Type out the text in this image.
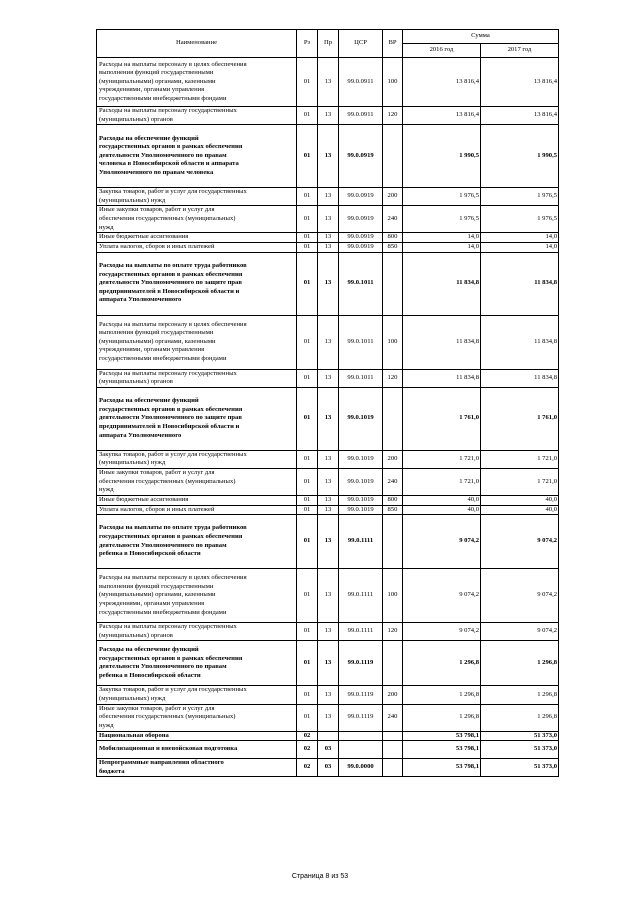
Наименование	Рз	Пр	ЦСР	ВР	Сумма	
					2016 год	2017 год
Расходы на выплаты персоналу в целях обеспечения
выполнения функций государственными
(муниципальными) органами, казенными
учреждениями, органами управления
государственными внебюджетными фондами	01	13	99.0.0911	100	13 816,4	13 816,4
Расходы на выплаты персоналу государственных
(муниципальных) органов	01	13	99.0.0911	120	13 816,4	13 816,4
Расходы на обеспечение функций
государственных органов в рамках обеспечения
деятельности Уполномоченного по правам
человека в Новосибирской области и аппарата
Уполномоченного по правам человека	01	13	99.0.0919		1 990,5	1 990,5
Закупка товаров, работ и услуг для государственных
(муниципальных) нужд	01	13	99.0.0919	200	1 976,5	1 976,5
Иные закупки товаров, работ и услуг для
обеспечения государственных (муниципальных)
нужд	01	13	99.0.0919	240	1 976,5	1 976,5
Иные бюджетные ассигнования	01	13	99.0.0919	800	14,0	14,0
Уплата налогов, сборов и иных платежей	01	13	99.0.0919	850	14,0	14,0
Расходы на выплаты по оплате труда работников
государственных органов в рамках обеспечения
деятельности Уполномоченного по защите прав
предпринимателей в Новосибирской области и
аппарата Уполномоченного	01	13	99.0.1011		11 834,8	11 834,8
Расходы на выплаты персоналу в целях обеспечения
выполнения функций государственными
(муниципальными) органами, казенными
учреждениями, органами управления
государственными внебюджетными фондами	01	13	99.0.1011	100	11 834,8	11 834,8
Расходы на выплаты персоналу государственных
(муниципальных) органов	01	13	99.0.1011	120	11 834,8	11 834,8
Расходы на обеспечение функций
государственных органов в рамках обеспечения
деятельности Уполномоченного по защите прав
предпринимателей в Новосибирской области и
аппарата Уполномоченного	01	13	99.0.1019		1 761,0	1 761,0
Закупка товаров, работ и услуг для государственных
(муниципальных) нужд	01	13	99.0.1019	200	1 721,0	1 721,0
Иные закупки товаров, работ и услуг для
обеспечения государственных (муниципальных)
нужд	01	13	99.0.1019	240	1 721,0	1 721,0
Иные бюджетные ассигнования	01	13	99.0.1019	800	40,0	40,0
Уплата налогов, сборов и иных платежей	01	13	99.0.1019	850	40,0	40,0
Расходы на выплаты по оплате труда работников
государственных органов в рамках обеспечения
деятельности Уполномоченного по правам
ребенка в Новосибирской области	01	13	99.0.1111		9 074,2	9 074,2
Расходы на выплаты персоналу в целях обеспечения
выполнения функций государственными
(муниципальными) органами, казенными
учреждениями, органами управления
государственными внебюджетными фондами	01	13	99.0.1111	100	9 074,2	9 074,2
Расходы на выплаты персоналу государственных
(муниципальных) органов	01	13	99.0.1111	120	9 074,2	9 074,2
Расходы на обеспечение функций
государственных органов в рамках обеспечения
деятельности Уполномоченного по правам
ребенка в Новосибирской области	01	13	99.0.1119		1 296,8	1 296,8
Закупка товаров, работ и услуг для государственных
(муниципальных) нужд	01	13	99.0.1119	200	1 296,8	1 296,8
Иные закупки товаров, работ и услуг для
обеспечения государственных (муниципальных)
нужд	01	13	99.0.1119	240	1 296,8	1 296,8
Национальная оборона	02				53 798,1	51 373,0
Мобилизационная и вневойсковая подготовка	02	03			53 798,1	51 373,0
Непрограммные направления областного
бюджета	02	03	99.0.0000		53 798,1	51 373,0
Страница 8 из 53
